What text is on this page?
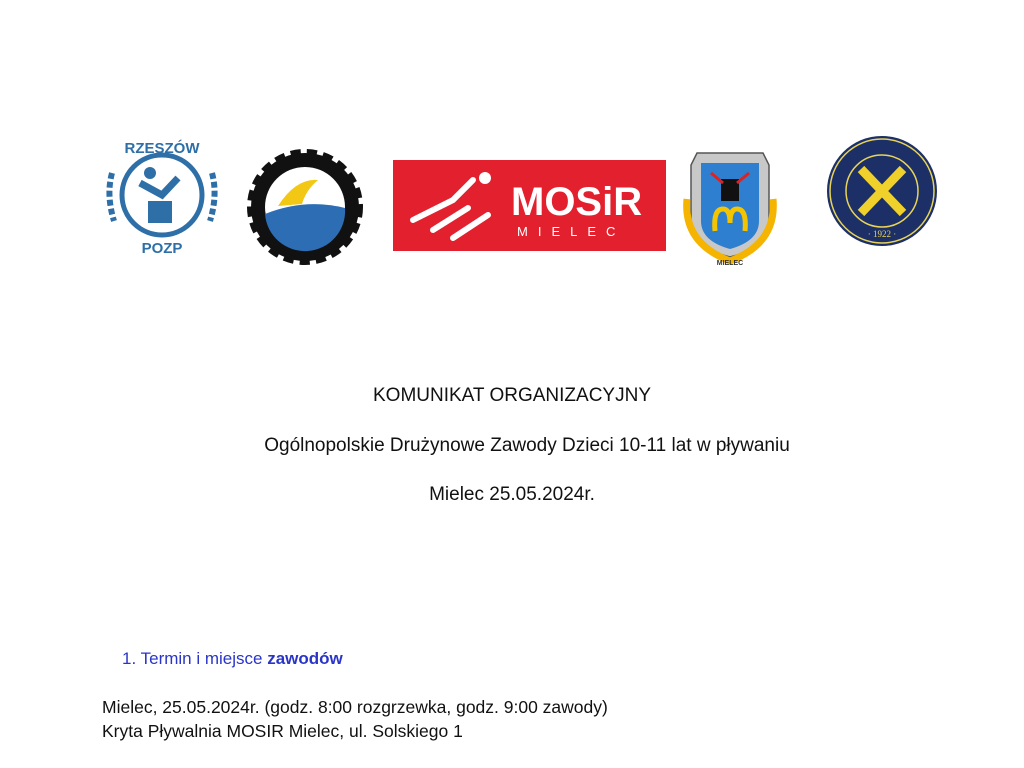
RZESZÓW
POZP
MOSiR
MIELEC
MIELEC
· 1922 ·
KOMUNIKAT ORGANIZACYJNY
Ogólnopolskie Drużynowe Zawody Dzieci 10-11 lat w pływaniu
Mielec 25.05.2024r.
1. Termin i miejsce zawodów
Mielec, 25.05.2024r. (godz. 8:00 rozgrzewka, godz. 9:00 zawody)
Kryta Pływalnia MOSIR Mielec, ul. Solskiego 1
